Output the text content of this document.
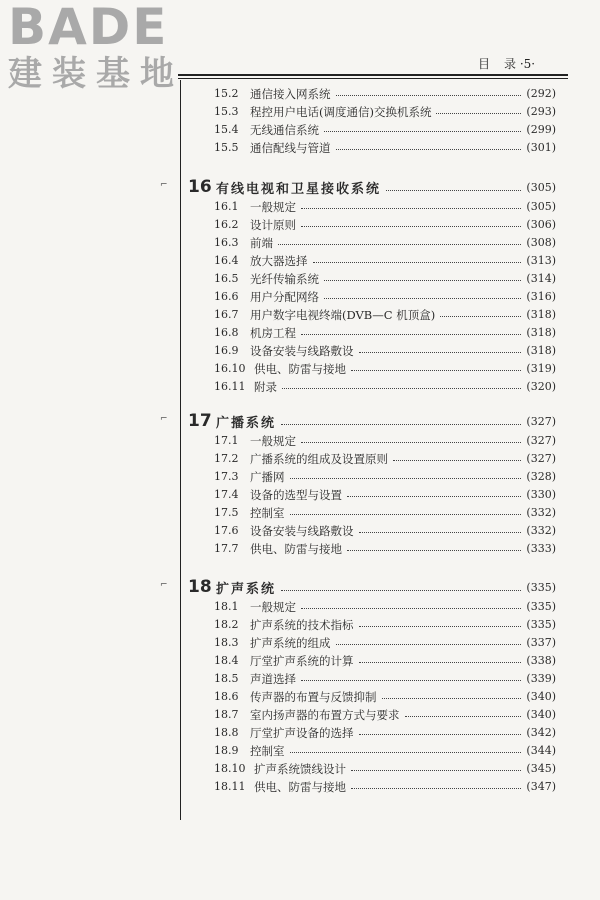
BADE
建装基地	目 录 ·5·
15.2	通信接入网系统	(292)
15.3	程控用户电话(调度通信)交换机系统	(293)
15.4	无线通信系统	(299)
15.5	通信配线与管道	(301)
16 有线电视和卫星接收系统	(305)
⌐
16.1	一般规定	(305)
16.2	设计原则	(306)
16.3	前端	(308)
16.4	放大器选择	(313)
16.5	光纤传输系统	(314)
16.6	用户分配网络	(316)
16.7	用户数字电视终端(DVB—C 机顶盒)	(318)
16.8	机房工程	(318)
16.9	设备安装与线路敷设	(318)
16.10 供电、防雷与接地	(319)
16.11 附录	(320)
17 广播系统	(327)
⌐
17.1	一般规定	(327)
17.2	广播系统的组成及设置原则	(327)
17.3	广播网	(328)
17.4	设备的选型与设置	(330)
17.5	控制室	(332)
17.6	设备安装与线路敷设	(332)
17.7	供电、防雷与接地	(333)
18 扩声系统	(335)
⌐
18.1	一般规定	(335)
18.2	扩声系统的技术指标	(335)
18.3	扩声系统的组成	(337)
18.4	厅堂扩声系统的计算	(338)
18.5	声道选择	(339)
18.6	传声器的布置与反馈抑制	(340)
18.7	室内扬声器的布置方式与要求	(340)
18.8	厅堂扩声设备的选择	(342)
18.9	控制室	(344)
18.10 扩声系统馈线设计	(345)
18.11 供电、防雷与接地	(347)
